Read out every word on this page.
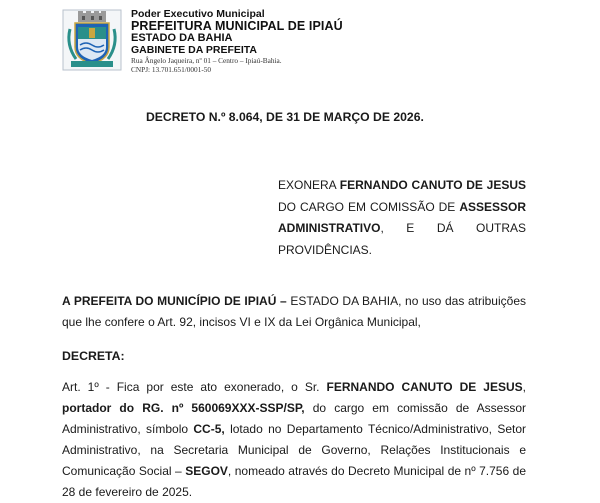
Poder Executivo Municipal
PREFEITURA MUNICIPAL DE IPIAÚ
ESTADO DA BAHIA
GABINETE DA PREFEITA
Rua Ângelo Jaqueira, nº 01 – Centro – Ipiaú-Bahia.
CNPJ: 13.701.651/0001-50
DECRETO N.º 8.064, DE 31 DE MARÇO DE 2026.
EXONERA FERNANDO CANUTO DE JESUS DO CARGO EM COMISSÃO DE ASSESSOR ADMINISTRATIVO, E DÁ OUTRAS PROVIDÊNCIAS.
A PREFEITA DO MUNICÍPIO DE IPIAÚ – ESTADO DA BAHIA, no uso das atribuições que lhe confere o Art. 92, incisos VI e IX da Lei Orgânica Municipal,
DECRETA:
Art. 1º - Fica por este ato exonerado, o Sr. FERNANDO CANUTO DE JESUS, portador do RG. nº 560069XXX-SSP/SP, do cargo em comissão de Assessor Administrativo, símbolo CC-5, lotado no Departamento Técnico/Administrativo, Setor Administrativo, na Secretaria Municipal de Governo, Relações Institucionais e Comunicação Social – SEGOV, nomeado através do Decreto Municipal de nº 7.756 de 28 de fevereiro de 2025.
